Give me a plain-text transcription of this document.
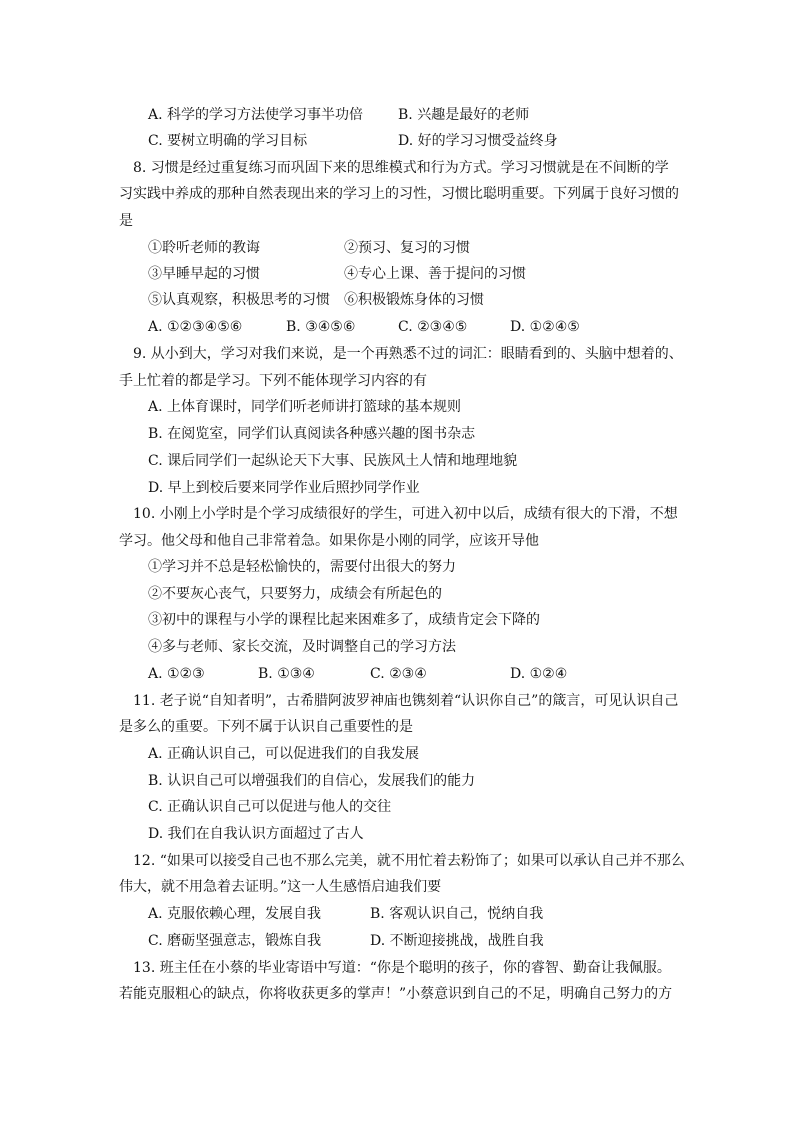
A. 科学的学习方法使学习事半功倍 B. 兴趣是最好的老师
C. 要树立明确的学习目标	D. 好的学习习惯受益终身
8. 习惯是经过重复练习而巩固下来的思维模式和行为方式。学习习惯就是在不间断的学
习实践中养成的那种自然表现出来的学习上的习性，习惯比聪明重要。下列属于良好习惯的
是
①聆听老师的教诲	②预习、复习的习惯
③早睡早起的习惯	④专心上课、善于提问的习惯
⑤认真观察，积极思考的习惯 ⑥积极锻炼身体的习惯
A. ①②③④⑤⑥	B. ③④⑤⑥	C. ②③④⑤	D. ①②④⑤
9. 从小到大，学习对我们来说，是一个再熟悉不过的词汇：眼睛看到的、头脑中想着的、
手上忙着的都是学习。下列不能体现学习内容的有
A. 上体育课时，同学们听老师讲打篮球的基本规则
B. 在阅览室，同学们认真阅读各种感兴趣的图书杂志
C. 课后同学们一起纵论天下大事、民族风土人情和地理地貌
D. 早上到校后要来同学作业后照抄同学作业
10. 小刚上小学时是个学习成绩很好的学生，可进入初中以后，成绩有很大的下滑，不想
学习。他父母和他自己非常着急。如果你是小刚的同学，应该开导他
①学习并不总是轻松愉快的，需要付出很大的努力
②不要灰心丧气，只要努力，成绩会有所起色的
③初中的课程与小学的课程比起来困难多了，成绩肯定会下降的
④多与老师、家长交流，及时调整自己的学习方法
A. ①②③	B. ①③④	C. ②③④	D. ①②④
11. 老子说“自知者明”，古希腊阿波罗神庙也镌刻着“认识你自己”的箴言，可见认识自己
是多么的重要。下列不属于认识自己重要性的是
A. 正确认识自己，可以促进我们的自我发展
B. 认识自己可以增强我们的自信心，发展我们的能力
C. 正确认识自己可以促进与他人的交往
D. 我们在自我认识方面超过了古人
12. “如果可以接受自己也不那么完美，就不用忙着去粉饰了；如果可以承认自己并不那么
伟大，就不用急着去证明。”这一人生感悟启迪我们要
A. 克服依赖心理，发展自我	B. 客观认识自己，悦纳自我
C. 磨砺坚强意志，锻炼自我	D. 不断迎接挑战，战胜自我
13. 班主任在小蔡的毕业寄语中写道：“你是个聪明的孩子，你的睿智、勤奋让我佩服。
若能克服粗心的缺点，你将收获更多的掌声！”小蔡意识到自己的不足，明确自己努力的方
